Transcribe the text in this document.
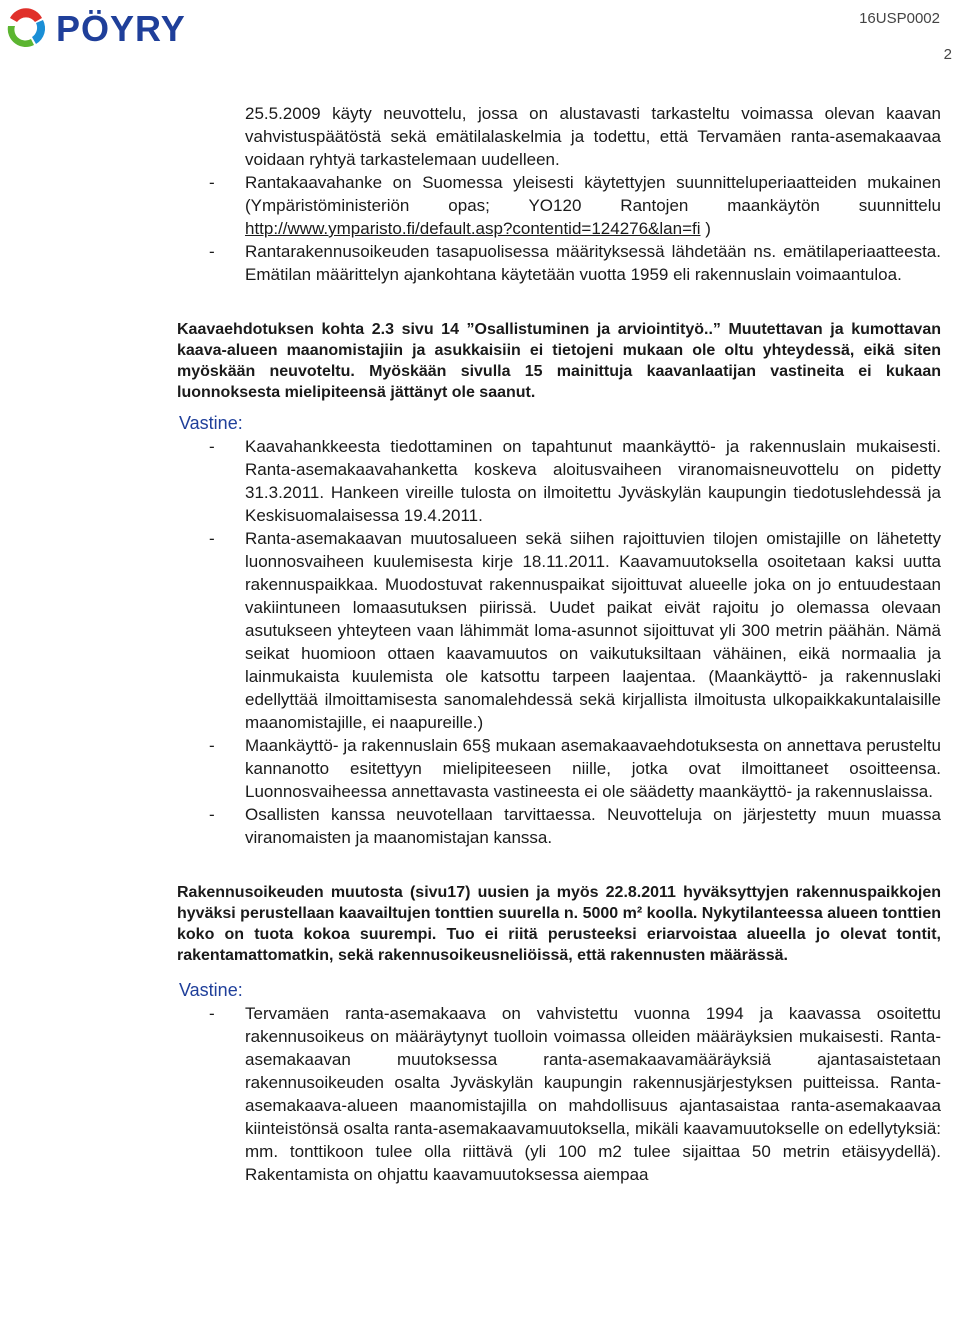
PÖYRY	16USP0002
2

25.5.2009 käyty neuvottelu, jossa on alustavasti tarkasteltu voimassa olevan kaavan vahvistuspäätöstä sekä emätilalaskelmia ja todettu, että Tervamäen ranta-asemakaavaa voidaan ryhtyä tarkastelemaan uudelleen.

- Rantakaavahanke on Suomessa yleisesti käytettyjen suunnitteluperiaatteiden mukainen (Ympäristöministeriön opas; YO120 Rantojen maankäytön suunnittelu http://www.ymparisto.fi/default.asp?contentid=124276&lan=fi )
- Rantarakennusoikeuden tasapuolisessa määrityksessä lähdetään ns. emätilaperiaatteesta. Emätilan määrittelyn ajankohtana käytetään vuotta 1959 eli rakennuslain voimaantuloa.

Kaavaehdotuksen kohta 2.3 sivu 14 ”Osallistuminen ja arviointityö..” Muutettavan ja kumottavan kaava-alueen maanomistajiin ja asukkaisiin ei tietojeni mukaan ole oltu yhteydessä, eikä siten myöskään neuvoteltu. Myöskään sivulla 15 mainittuja kaavanlaatijan vastineita ei kukaan luonnoksesta mielipiteensä jättänyt ole saanut.

Vastine:
- Kaavahankkeesta tiedottaminen on tapahtunut maankäyttö- ja rakennuslain mukaisesti. Ranta-asemakaavahanketta koskeva aloitusvaiheen viranomaisneuvottelu on pidetty 31.3.2011. Hankeen vireille tulosta on ilmoitettu Jyväskylän kaupungin tiedotuslehdessä ja Keskisuomalaisessa 19.4.2011.
- Ranta-asemakaavan muutosalueen sekä siihen rajoittuvien tilojen omistajille on lähetetty luonnosvaiheen kuulemisesta kirje 18.11.2011. Kaavamuutoksella osoitetaan kaksi uutta rakennuspaikkaa. Muodostuvat rakennuspaikat sijoittuvat alueelle joka on jo entuudestaan vakiintuneen lomaasutuksen piirissä. Uudet paikat eivät rajoitu jo olemassa olevaan asutukseen yhteyteen vaan lähimmät loma-asunnot sijoittuvat yli 300 metrin päähän. Nämä seikat huomioon ottaen kaavamuutos on vaikutuksiltaan vähäinen, eikä normaalia ja lainmukaista kuulemista ole katsottu tarpeen laajentaa. (Maankäyttö- ja rakennuslaki edellyttää ilmoittamisesta sanomalehdessä sekä kirjallista ilmoitusta ulkopaikkakuntalaisille maanomistajille, ei naapureille.)
- Maankäyttö- ja rakennuslain 65§ mukaan asemakaavaehdotuksesta on annettava perusteltu kannanotto esitettyyn mielipiteeseen niille, jotka ovat ilmoittaneet osoitteensa. Luonnosvaiheessa annettavasta vastineesta ei ole säädetty maankäyttö- ja rakennuslaissa.
- Osallisten kanssa neuvotellaan tarvittaessa. Neuvotteluja on järjestetty muun muassa viranomaisten ja maanomistajan kanssa.

Rakennusoikeuden muutosta (sivu17) uusien ja myös 22.8.2011 hyväksyttyjen rakennuspaikkojen hyväksi perustellaan kaavailtujen tonttien suurella n. 5000 m² koolla. Nykytilanteessa alueen tonttien koko on tuota kokoa suurempi. Tuo ei riitä perusteeksi eriarvoistaa alueella jo olevat tontit, rakentamattomatkin, sekä rakennusoikeusneliöissä, että rakennusten määrässä.

Vastine:
- Tervamäen ranta-asemakaava on vahvistettu vuonna 1994 ja kaavassa osoitettu rakennusoikeus on määräytynyt tuolloin voimassa olleiden määräyksien mukaisesti. Ranta-asemakaavan muutoksessa ranta-asemakaavamääräyksiä ajantasaistetaan rakennusoikeuden osalta Jyväskylän kaupungin rakennusjärjestyksen puitteissa. Ranta-asemakaava-alueen maanomistajilla on mahdollisuus ajantasaistaa ranta-asemakaavaa kiinteistönsä osalta ranta-asemakaavamuutoksella, mikäli kaavamuutokselle on edellytyksiä: mm. tonttikoon tulee olla riittävä (yli 100 m2 tulee sijaittaa 50 metrin etäisyydellä). Rakentamista on ohjattu kaavamuutoksessa aiempaa
